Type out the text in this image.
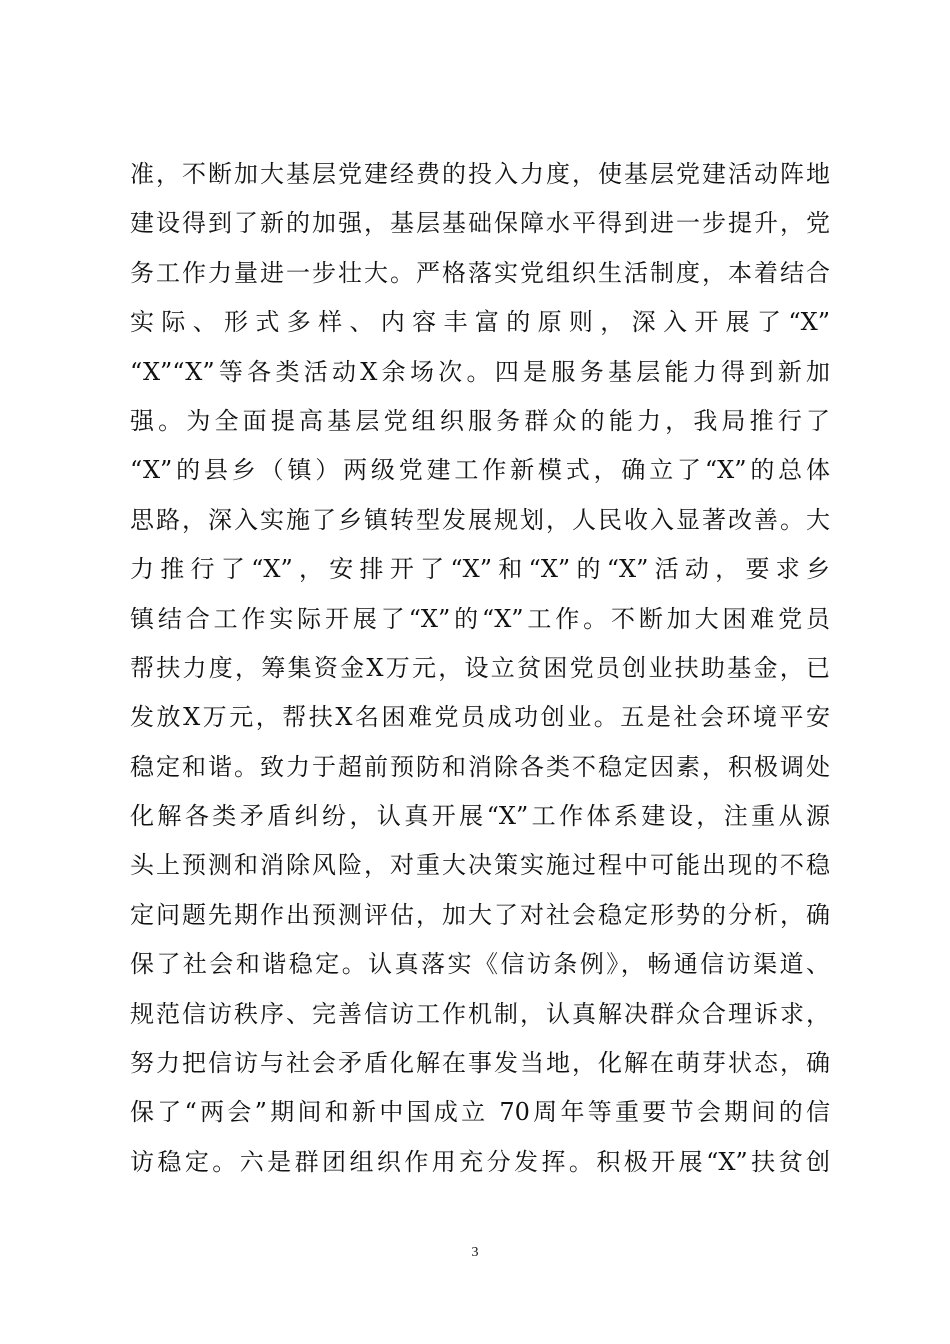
准，不断加大基层党建经费的投入力度，使基层党建活动阵地
建设得到了新的加强，基层基础保障水平得到进一步提升，党
务工作力量进一步壮大。严格落实党组织生活制度，本着结合
实际、形式多样、内容丰富的原则，深入开展了“X”
“X”“X”等各类活动X余场次。四是服务基层能力得到新加
强。为全面提高基层党组织服务群众的能力，我局推行了
“X”的县乡（镇）两级党建工作新模式，确立了“X”的总体
思路，深入实施了乡镇转型发展规划，人民收入显著改善。大
力推行了“X”，安排开了“X”和“X”的“X”活动，要求乡
镇结合工作实际开展了“X”的“X”工作。不断加大困难党员
帮扶力度，筹集资金X万元，设立贫困党员创业扶助基金，已
发放X万元，帮扶X名困难党员成功创业。五是社会环境平安
稳定和谐。致力于超前预防和消除各类不稳定因素，积极调处
化解各类矛盾纠纷，认真开展“X”工作体系建设，注重从源
头上预测和消除风险，对重大决策实施过程中可能出现的不稳
定问题先期作出预测评估，加大了对社会稳定形势的分析，确
保了社会和谐稳定。认真落实《信访条例》，畅通信访渠道、
规范信访秩序、完善信访工作机制，认真解决群众合理诉求，
努力把信访与社会矛盾化解在事发当地，化解在萌芽状态，确
保了“两会”期间和新中国成立 70周年等重要节会期间的信
访稳定。六是群团组织作用充分发挥。积极开展“X”扶贫创
3
